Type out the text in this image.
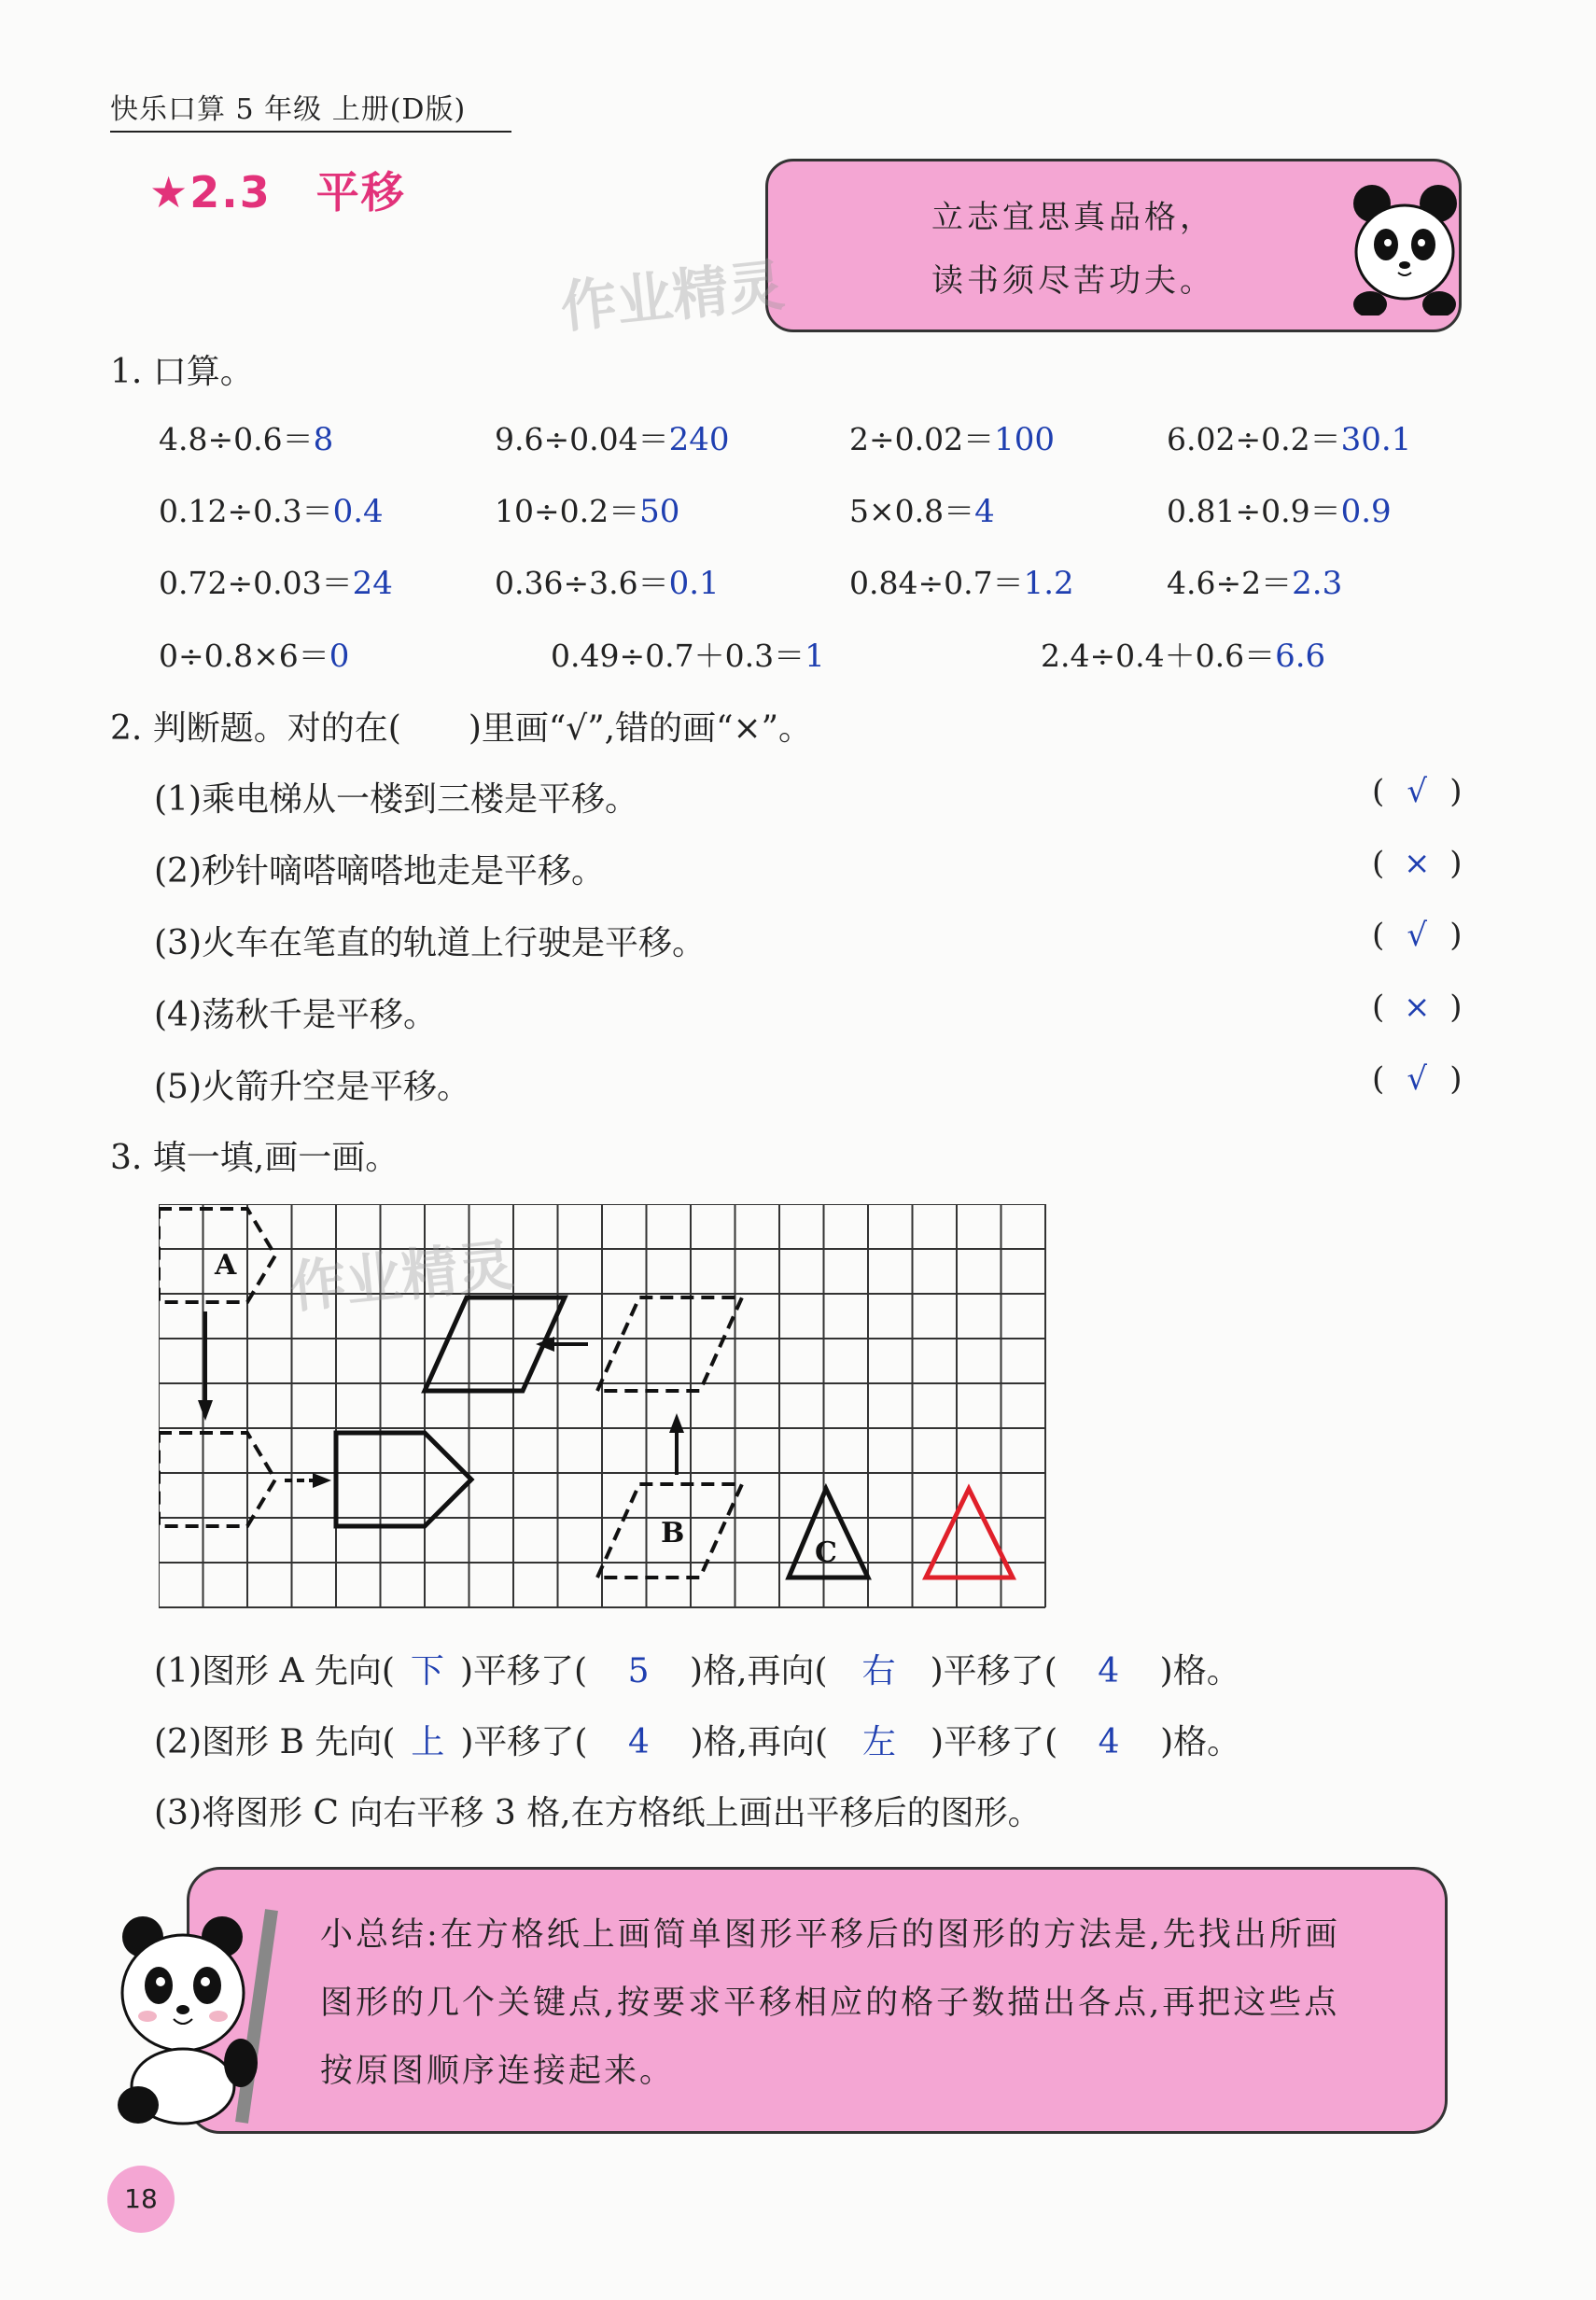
快乐口算 5 年级 上册(D版)
★2.3　平移	立志宜思真品格，
读书须尽苦功夫。
作业精灵
1. 口算。
4.8÷0.6＝8	9.6÷0.04＝240	2÷0.02＝100	6.02÷0.2＝30.1
0.12÷0.3＝0.4	10÷0.2＝50	5×0.8＝4	0.81÷0.9＝0.9
0.72÷0.03＝24	0.36÷3.6＝0.1	0.84÷0.7＝1.2	4.6÷2＝2.3
0÷0.8×6＝0	0.49÷0.7＋0.3＝1	2.4÷0.4＋0.6＝6.6
2. 判断题。对的在(　　)里画“√”,错的画“×”。
(1)乘电梯从一楼到三楼是平移。	( √ )
(2)秒针嘀嗒嘀嗒地走是平移。	( × )
(3)火车在笔直的轨道上行驶是平移。	( √ )
(4)荡秋千是平移。	( × )
(5)火箭升空是平移。	( √ )
3. 填一填,画一画。
A
B
C
作业精灵
(1)图形 A 先向( 下 )平移了( 5 )格,再向( 右 )平移了( 4 )格。
(2)图形 B 先向( 上 )平移了( 4 )格,再向( 左 )平移了( 4 )格。
(3)将图形 C 向右平移 3 格,在方格纸上画出平移后的图形。
小总结:在方格纸上画简单图形平移后的图形的方法是,先找出所画
图形的几个关键点,按要求平移相应的格子数描出各点,再把这些点
按原图顺序连接起来。
18
